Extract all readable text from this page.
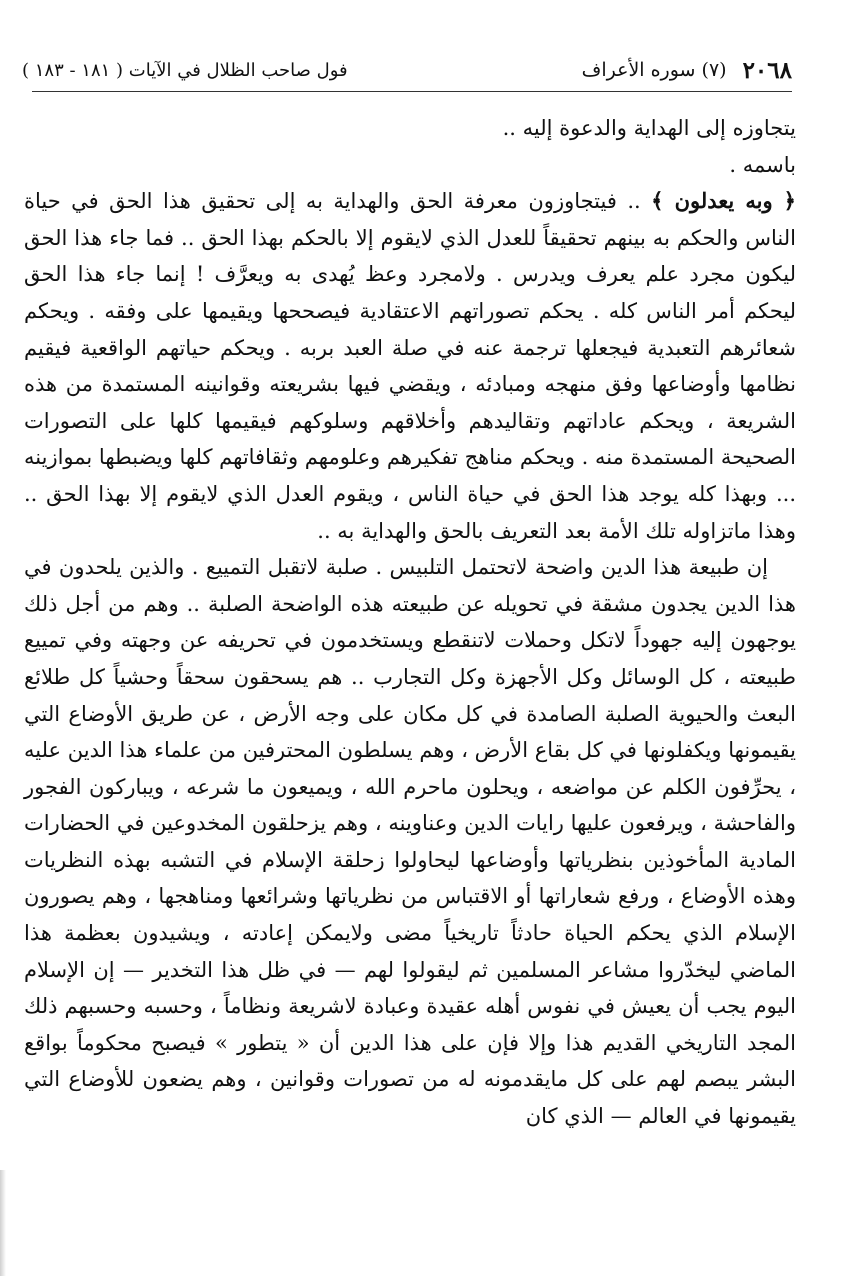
٢٠٦٨
(٧) سوره الأعراف
فول صاحب الظلال في الآيات ( ١٨١ - ١٨٣ )

يتجاوزه إلى الهداية والدعوة إليه ..

باسمه .

﴿ وبه يعدلون ﴾ .. فيتجاوزون معرفة الحق والهداية به إلى تحقيق هذا الحق في حياة الناس والحكم به بينهم تحقيقاً للعدل الذي لايقوم إلا بالحكم بهذا الحق .. فما جاء هذا الحق ليكون مجرد علم يعرف ويدرس . ولامجرد وعظ يُهدى به ويعرَّف ! إنما جاء هذا الحق ليحكم أمر الناس كله . يحكم تصوراتهم الاعتقادية فيصححها ويقيمها على وفقه . ويحكم شعائرهم التعبدية فيجعلها ترجمة عنه في صلة العبد بربه . ويحكم حياتهم الواقعية فيقيم نظامها وأوضاعها وفق منهجه ومبادئه ، ويقضي فيها بشريعته وقوانينه المستمدة من هذه الشريعة ، ويحكم عاداتهم وتقاليدهم وأخلاقهم وسلوكهم فيقيمها كلها على التصورات الصحيحة المستمدة منه . ويحكم مناهج تفكيرهم وعلومهم وثقافاتهم كلها ويضبطها بموازينه ... وبهذا كله يوجد هذا الحق في حياة الناس ، ويقوم العدل الذي لايقوم إلا بهذا الحق .. وهذا ماتزاوله تلك الأمة بعد التعريف بالحق والهداية به ..

إن طبيعة هذا الدين واضحة لاتحتمل التلبيس . صلبة لاتقبل التمييع . والذين يلحدون في هذا الدين يجدون مشقة في تحويله عن طبيعته هذه الواضحة الصلبة .. وهم من أجل ذلك يوجهون إليه جهوداً لاتكل وحملات لاتنقطع ويستخدمون في تحريفه عن وجهته وفي تمييع طبيعته ، كل الوسائل وكل الأجهزة وكل التجارب .. هم يسحقون سحقاً وحشياً كل طلائع البعث والحيوية الصلبة الصامدة في كل مكان على وجه الأرض ، عن طريق الأوضاع التي يقيمونها ويكفلونها في كل بقاع الأرض ، وهم يسلطون المحترفين من علماء هذا الدين عليه ، يحرِّفون الكلم عن مواضعه ، ويحلون ماحرم الله ، ويميعون ما شرعه ، ويباركون الفجور والفاحشة ، ويرفعون عليها رايات الدين وعناوينه ، وهم يزحلقون المخدوعين في الحضارات المادية المأخوذين بنظرياتها وأوضاعها ليحاولوا زحلقة الإسلام في التشبه بهذه النظريات وهذه الأوضاع ، ورفع شعاراتها أو الاقتباس من نظرياتها وشرائعها ومناهجها ، وهم يصورون الإسلام الذي يحكم الحياة حادثاً تاريخياً مضى ولايمكن إعادته ، ويشيدون بعظمة هذا الماضي ليخدّروا مشاعر المسلمين ثم ليقولوا لهم — في ظل هذا التخدير — إن الإسلام اليوم يجب أن يعيش في نفوس أهله عقيدة وعبادة لاشريعة ونظاماً ، وحسبه وحسبهم ذلك المجد التاريخي القديم هذا وإلا فإن على هذا الدين أن « يتطور » فيصبح محكوماً بواقع البشر يبصم لهم على كل مايقدمونه له من تصورات وقوانين ، وهم يضعون للأوضاع التي يقيمونها في العالم — الذي كان
